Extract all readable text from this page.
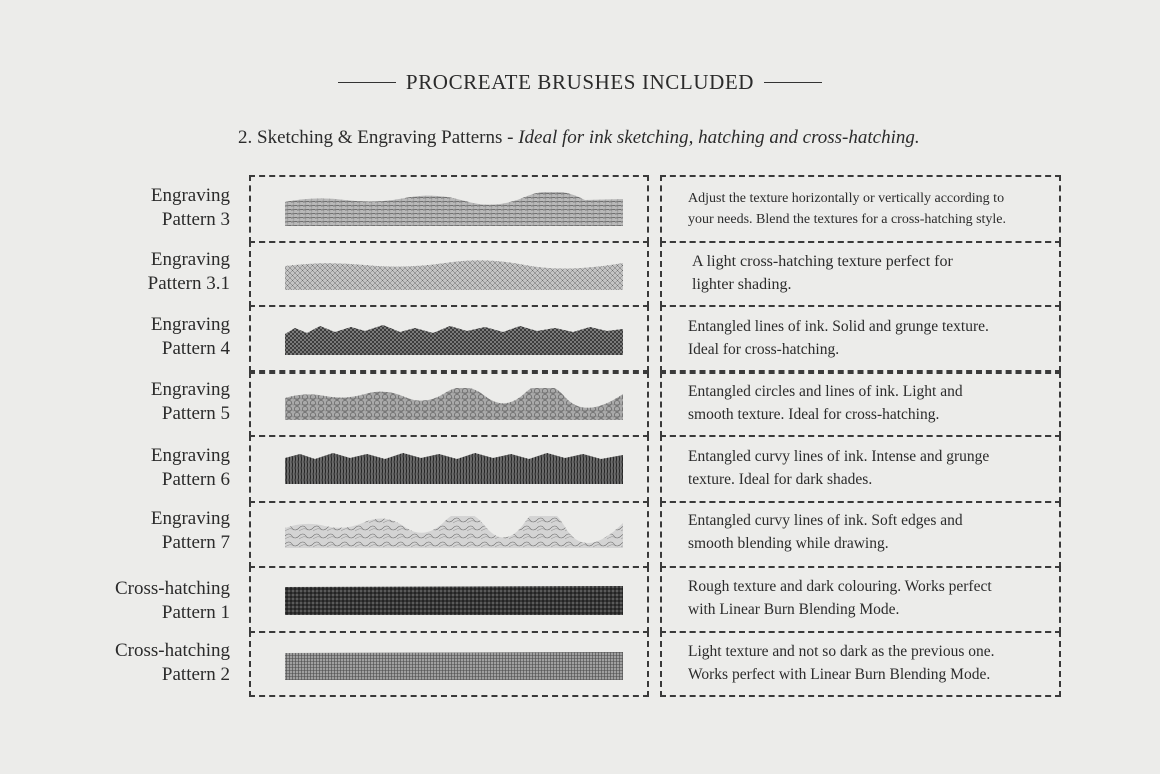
PROCREATE BRUSHES INCLUDED
2. Sketching & Engraving Patterns - Ideal for ink sketching, hatching and cross-hatching.
Engraving
Pattern 3
Adjust the texture horizontally or vertically according to
your needs. Blend the textures for a cross-hatching style.
Engraving
Pattern 3.1
A light cross-hatching texture perfect for
lighter shading.
Engraving
Pattern 4
Entangled lines of ink. Solid and grunge texture.
Ideal for cross-hatching.
Engraving
Pattern 5
Entangled circles and lines of ink. Light and
smooth texture. Ideal for cross-hatching.
Engraving
Pattern 6
Entangled curvy lines of ink. Intense and grunge
texture. Ideal for dark shades.
Engraving
Pattern 7
Entangled curvy lines of ink. Soft edges and
smooth blending while drawing.
Cross-hatching
Pattern 1
Rough texture and dark colouring. Works perfect
with Linear Burn Blending Mode.
Cross-hatching
Pattern 2
Light texture and not so dark as the previous one.
Works perfect with Linear Burn Blending Mode.
